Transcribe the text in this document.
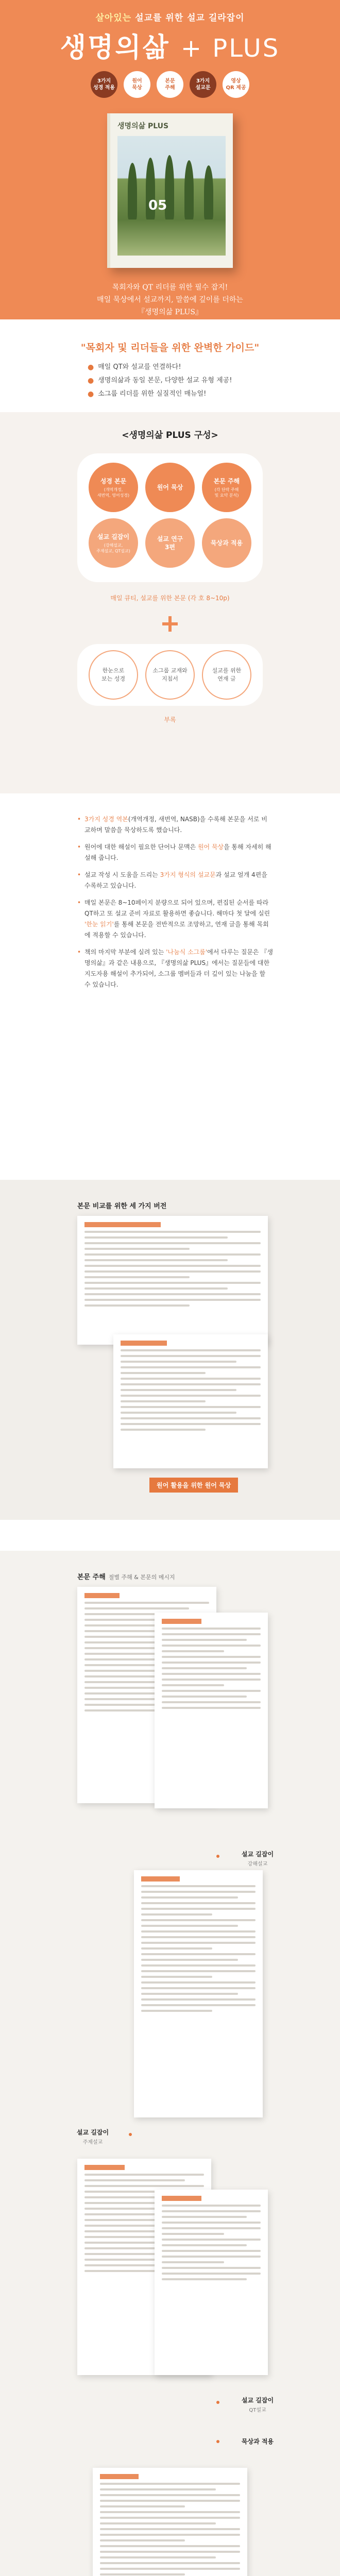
살아있는 설교를 위한 설교 길라잡이
생명의삶 + PLUS
3가지
성경 적용
원어
묵상
본문
주해
3가지
설교문
영상
QR 제공
생명의삶 PLUS
05
목회자와 QT 리더를 위한 필수 잡지!
매일 묵상에서 설교까지, 말씀에 깊이를 더하는
『생명의삶 PLUS』
"목회자 및 리더들을 위한 완벽한 가이드"
● 매일 QT와 설교를 연결하다!
● 생명의삶과 동일 본문, 다양한 설교 유형 제공!
● 소그룹 리더를 위한 실질적인 매뉴얼!
<생명의삶 PLUS 구성>
성경 본문
(개역개정,
새번역, 영어성경)
원어 묵상
본문 주해
(각 단락 주해
및 요약 분석)
설교 길잡이
(강해설교,
주제설교, QT설교)
설교 연구
3편
묵상과 적용
매일 큐티, 설교를 위한 본문 (각 호 8~10p)
한눈으로
보는 성경
소그룹 교재와
지침서
설교를 위한
연재 글
부록
• 3가지 성경 역본(개역개정, 새번역, NASB)을 수록해 본문을 서로 비교하며 말씀을 묵상하도록 했습니다.
• 원어에 대한 해설이 필요한 단어나 문맥은 원어 묵상을 통해 자세히 해설해 줍니다.
• 설교 작성 시 도움을 드리는 3가지 형식의 설교문과 설교 얼개 4편을 수록하고 있습니다.
• 매일 본문은 8~10페이지 분량으로 되어 있으며, 편집된 순서를 따라 QT하고 또 설교 준비 자료로 활용하면 좋습니다. 해마다 첫 달에 실린 '한눈 읽기'를 통해 본문을 전반적으로 조망하고, 연재 글을 통해 목회에 적용할 수 있습니다.
• 책의 마지막 부분에 실려 있는 '나눔식 소그룹'에서 다루는 질문은 『생명의삶』과 같은 내용으로, 『생명의삶 PLUS』에서는 질문들에 대한 지도자용 해설이 추가되어, 소그룹 멤버들과 더 깊이 있는 나눔을 할 수 있습니다.
본문 비교를 위한 세 가지 버전
원어 활용을 위한 원어 묵상
본문 주해 절별 주해 & 본문의 메시지
설교 길잡이
강해설교
설교 길잡이
주제설교
설교 길잡이
QT설교
묵상과 적용
